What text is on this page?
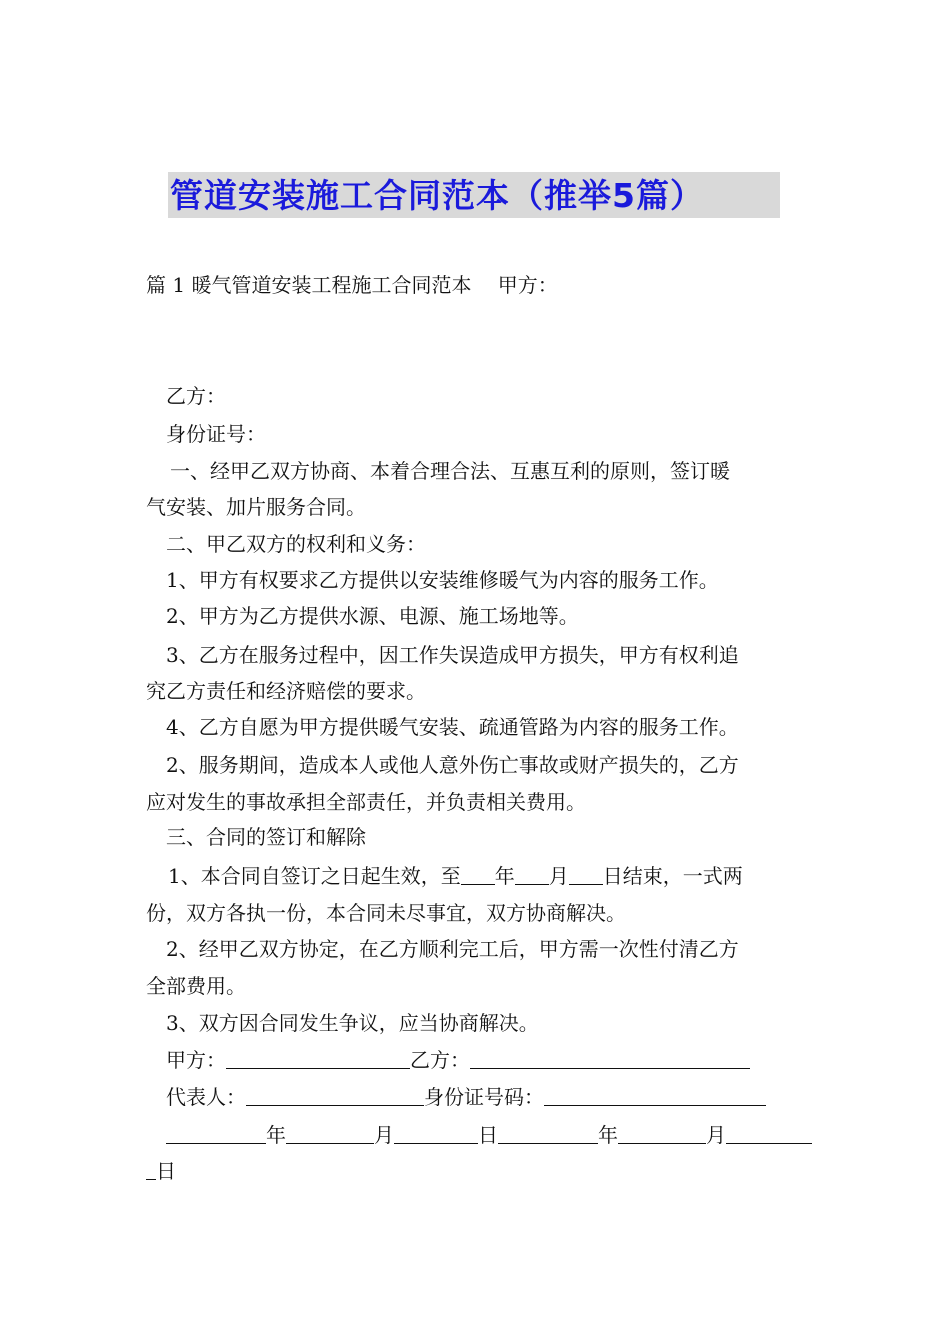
管道安装施工合同范本（推举5篇）
篇 1 暖气管道安装工程施工合同范本　 甲方：
乙方：
身份证号：
一、经甲乙双方协商、本着合理合法、互惠互利的原则，签订暖
气安装、加片服务合同。
二、甲乙双方的权利和义务：
1、甲方有权要求乙方提供以安装维修暖气为内容的服务工作。
2、甲方为乙方提供水源、电源、施工场地等。
3、乙方在服务过程中，因工作失误造成甲方损失，甲方有权利追
究乙方责任和经济赔偿的要求。
4、乙方自愿为甲方提供暖气安装、疏通管路为内容的服务工作。
2、服务期间，造成本人或他人意外伤亡事故或财产损失的，乙方
应对发生的事故承担全部责任，并负责相关费用。
三、合同的签订和解除
1、本合同自签订之日起生效，至 年 月 日结束，一式两
份，双方各执一份，本合同未尽事宜，双方协商解决。
2、经甲乙双方协定，在乙方顺利完工后，甲方需一次性付清乙方
全部费用。
3、双方因合同发生争议，应当协商解决。
甲方：	乙方：
代表人：	身份证号码：
年	月	日	年	月
日
